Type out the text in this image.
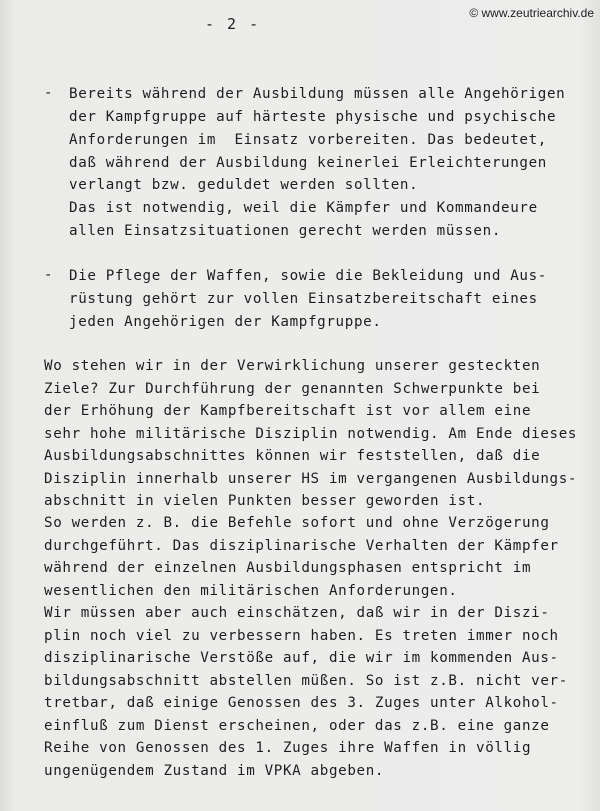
- 2 -
© www.zeutriearchiv.de
- Bereits während der Ausbildung müssen alle Angehörigen
der Kampfgruppe auf härteste physische und psychische
Anforderungen im  Einsatz vorbereiten. Das bedeutet,
daß während der Ausbildung keinerlei Erleichterungen
verlangt bzw. geduldet werden sollten.
Das ist notwendig, weil die Kämpfer und Kommandeure
allen Einsatzsituationen gerecht werden müssen.
- Die Pflege der Waffen, sowie die Bekleidung und Aus-
rüstung gehört zur vollen Einsatzbereitschaft eines
jeden Angehörigen der Kampfgruppe.
Wo stehen wir in der Verwirklichung unserer gesteckten
Ziele? Zur Durchführung der genannten Schwerpunkte bei
der Erhöhung der Kampfbereitschaft ist vor allem eine
sehr hohe militärische Disziplin notwendig. Am Ende dieses
Ausbildungsabschnittes können wir feststellen, daß die
Disziplin innerhalb unserer HS im vergangenen Ausbildungs-
abschnitt in vielen Punkten besser geworden ist.
So werden z. B. die Befehle sofort und ohne Verzögerung
durchgeführt. Das disziplinarische Verhalten der Kämpfer
während der einzelnen Ausbildungsphasen entspricht im
wesentlichen den militärischen Anforderungen.
Wir müssen aber auch einschätzen, daß wir in der Diszi-
plin noch viel zu verbessern haben. Es treten immer noch
disziplinarische Verstöße auf, die wir im kommenden Aus-
bildungsabschnitt abstellen müßen. So ist z.B. nicht ver-
tretbar, daß einige Genossen des 3. Zuges unter Alkohol-
einfluß zum Dienst erscheinen, oder das z.B. eine ganze
Reihe von Genossen des 1. Zuges ihre Waffen in völlig
ungenügendem Zustand im VPKA abgeben.
